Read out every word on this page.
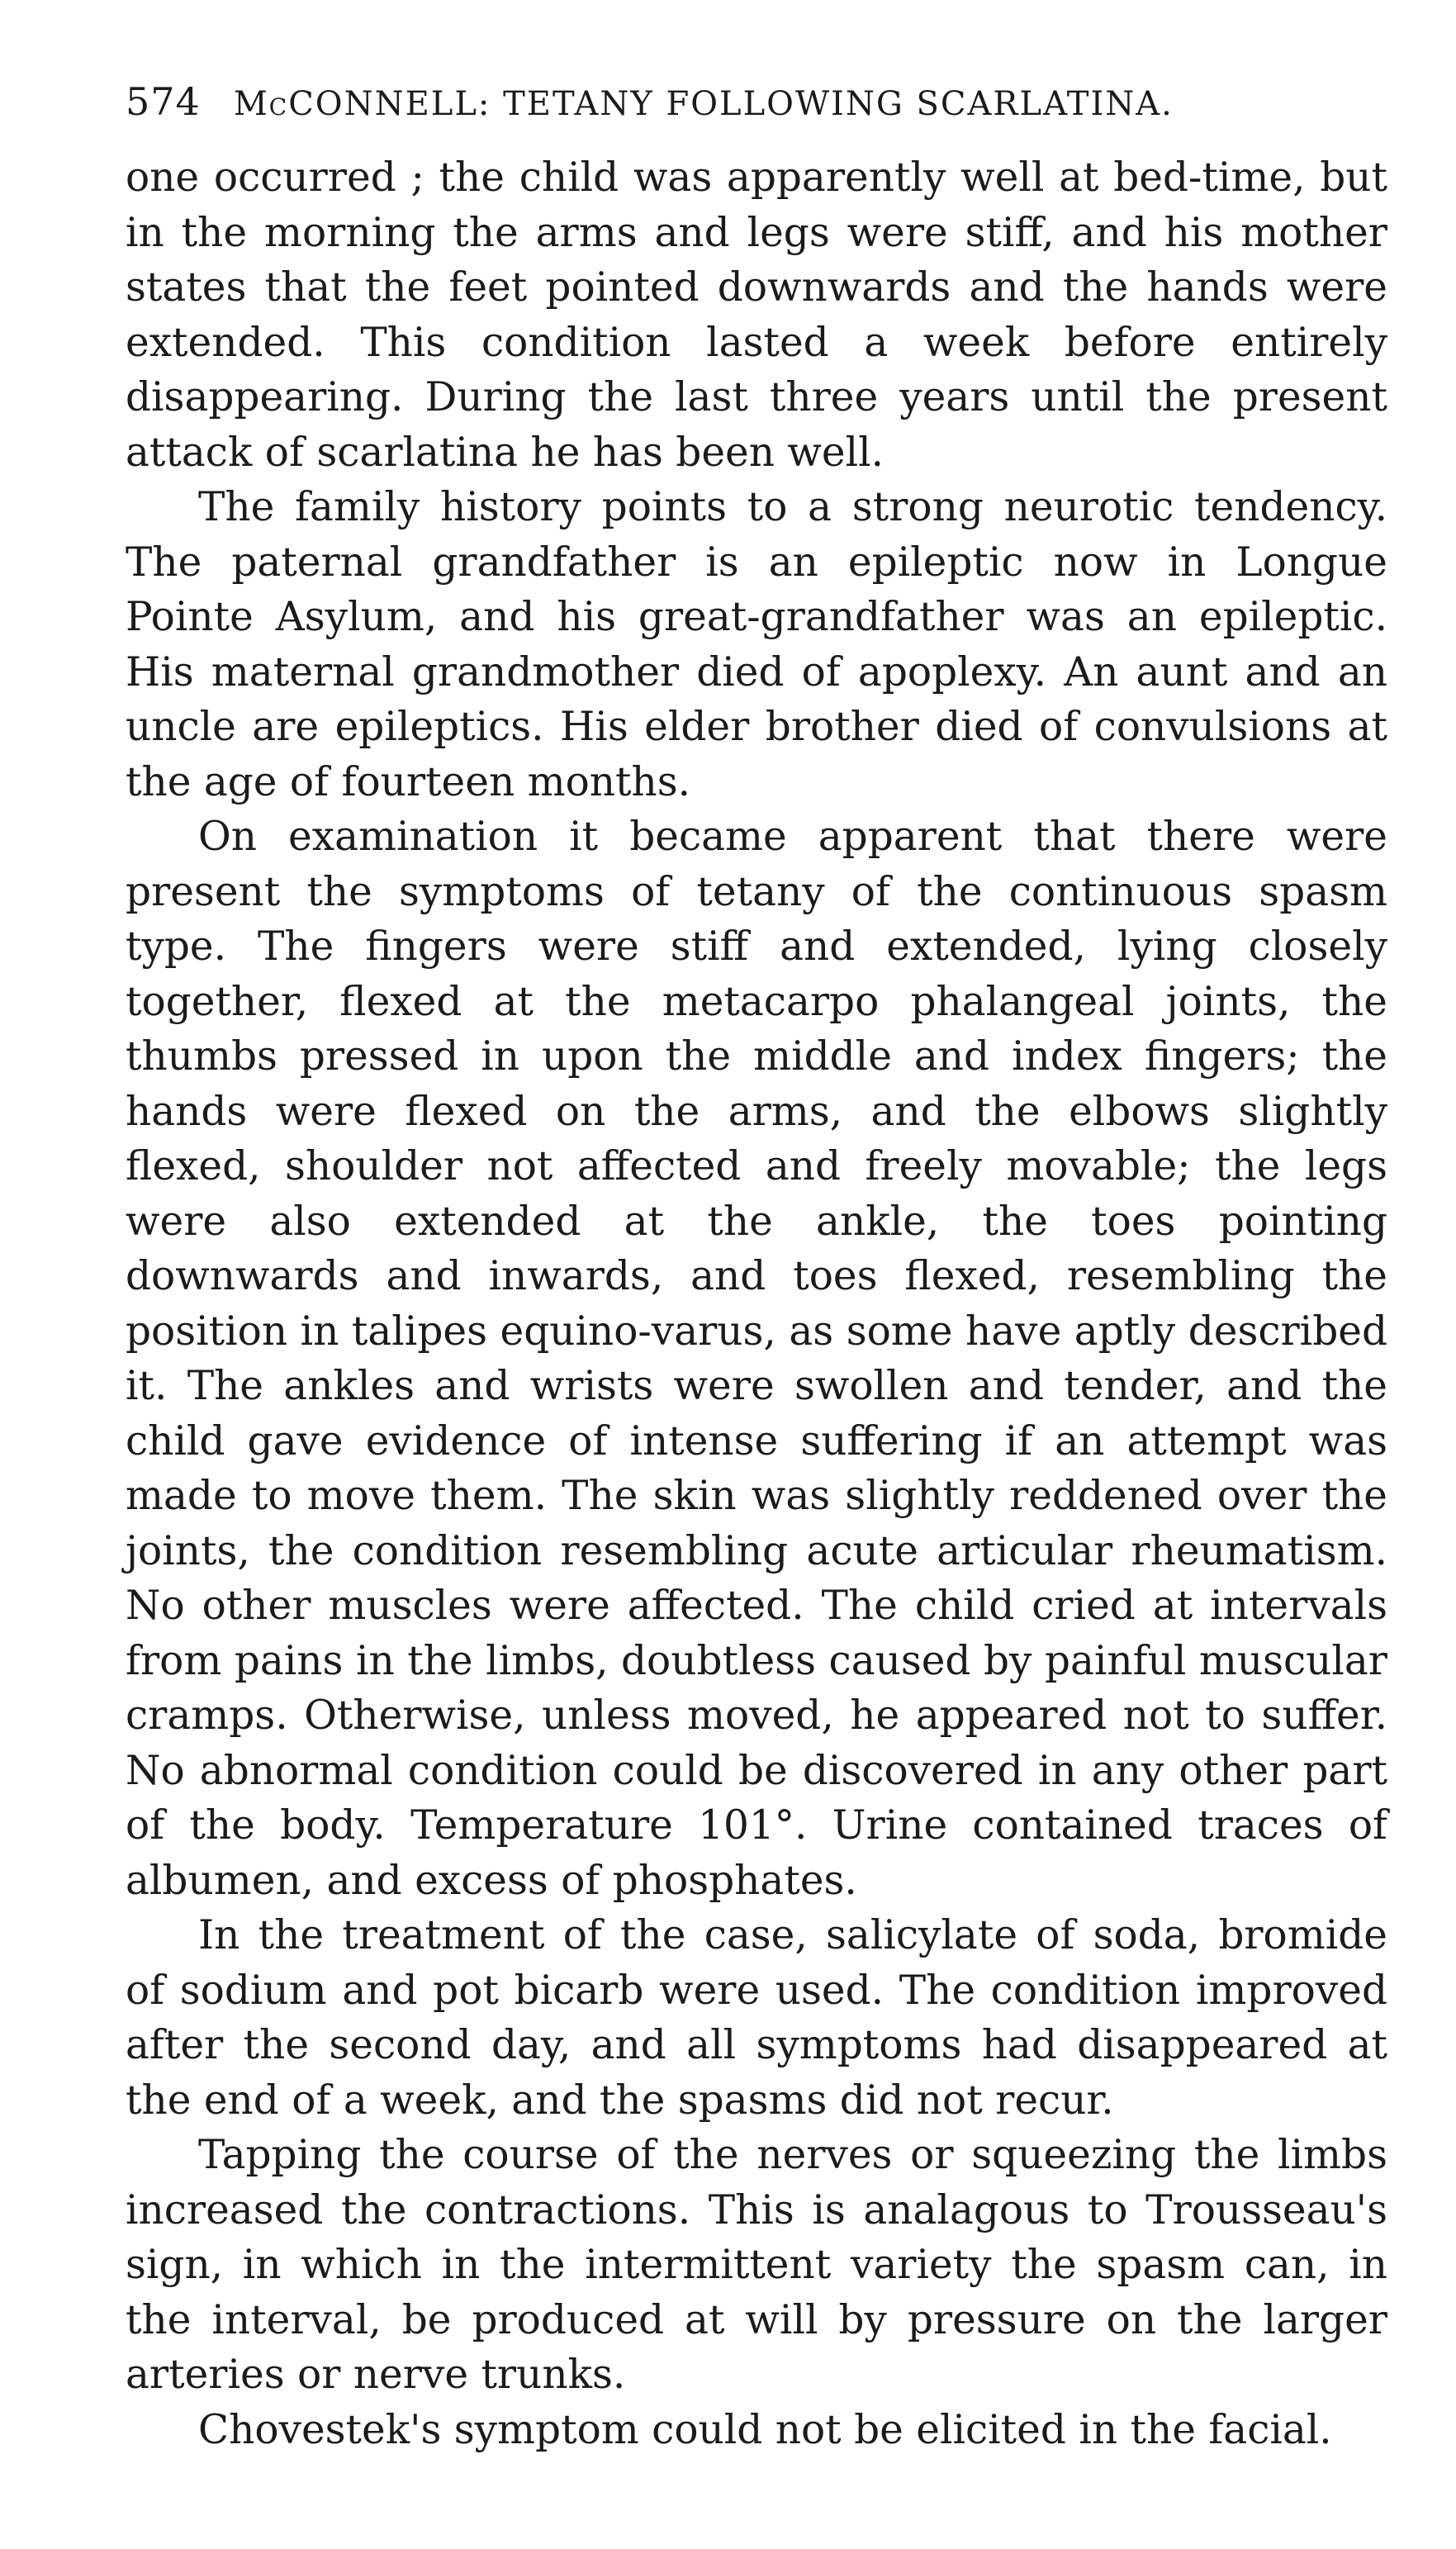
574 McCONNELL: TETANY FOLLOWING SCARLATINA.

one occurred ; the child was apparently well at bed-time, but in the morning the arms and legs were stiff, and his mother states that the feet pointed downwards and the hands were extended. This condition lasted a week before entirely disappearing. During the last three years until the present attack of scarlatina he has been well.

The family history points to a strong neurotic tendency. The paternal grandfather is an epileptic now in Longue Pointe Asylum, and his great-grandfather was an epileptic. His maternal grandmother died of apoplexy. An aunt and an uncle are epileptics. His elder brother died of convulsions at the age of fourteen months.

On examination it became apparent that there were present the symptoms of tetany of the continuous spasm type. The fingers were stiff and extended, lying closely together, flexed at the metacarpo phalangeal joints, the thumbs pressed in upon the middle and index fingers; the hands were flexed on the arms, and the elbows slightly flexed, shoulder not affected and freely movable; the legs were also extended at the ankle, the toes pointing downwards and inwards, and toes flexed, resembling the position in talipes equino-varus, as some have aptly described it. The ankles and wrists were swollen and tender, and the child gave evidence of intense suffering if an attempt was made to move them. The skin was slightly reddened over the joints, the condition resembling acute articular rheumatism. No other muscles were affected. The child cried at intervals from pains in the limbs, doubtless caused by painful muscular cramps. Otherwise, unless moved, he appeared not to suffer. No abnormal condition could be discovered in any other part of the body. Temperature 101°. Urine contained traces of albumen, and excess of phosphates.

In the treatment of the case, salicylate of soda, bromide of sodium and pot bicarb were used. The condition improved after the second day, and all symptoms had disappeared at the end of a week, and the spasms did not recur.

Tapping the course of the nerves or squeezing the limbs increased the contractions. This is analagous to Trousseau's sign, in which in the intermittent variety the spasm can, in the interval, be produced at will by pressure on the larger arteries or nerve trunks.

Chovestek's symptom could not be elicited in the facial.
